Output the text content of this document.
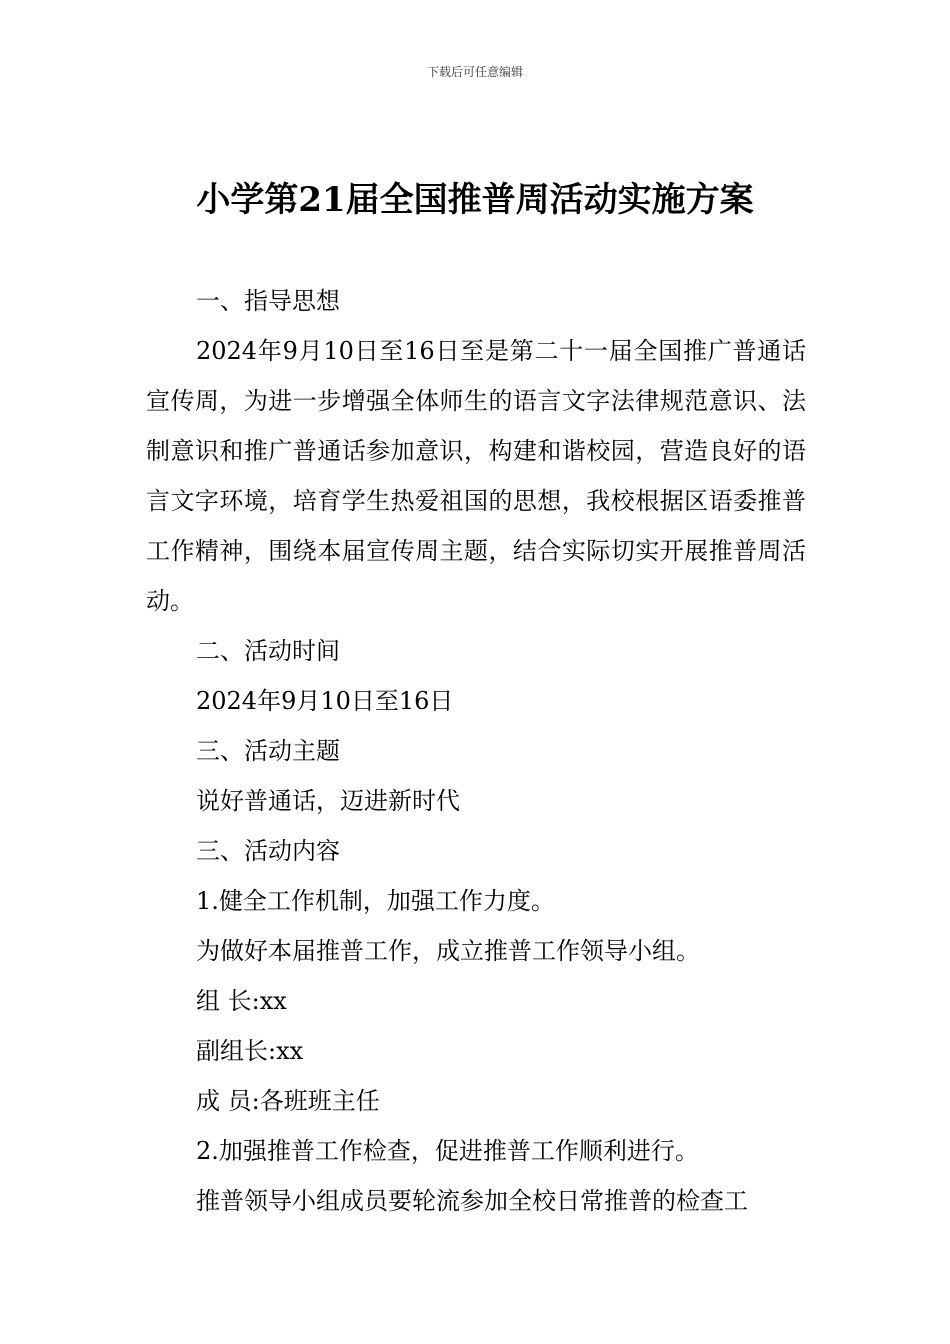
下载后可任意编辑
小学第21届全国推普周活动实施方案

一、指导思想

2024年9月10日至16日至是第二十一届全国推广普通话宣传周，为进一步增强全体师生的语言文字法律规范意识、法制意识和推广普通话参加意识，构建和谐校园，营造良好的语言文字环境，培育学生热爱祖国的思想，我校根据区语委推普工作精神，围绕本届宣传周主题，结合实际切实开展推普周活动。

二、活动时间

2024年9月10日至16日

三、活动主题

说好普通话，迈进新时代

三、活动内容

1.健全工作机制，加强工作力度。

为做好本届推普工作，成立推普工作领导小组。

组 长:xx

副组长:xx

成 员:各班班主任

2.加强推普工作检查，促进推普工作顺利进行。

推普领导小组成员要轮流参加全校日常推普的检查工
